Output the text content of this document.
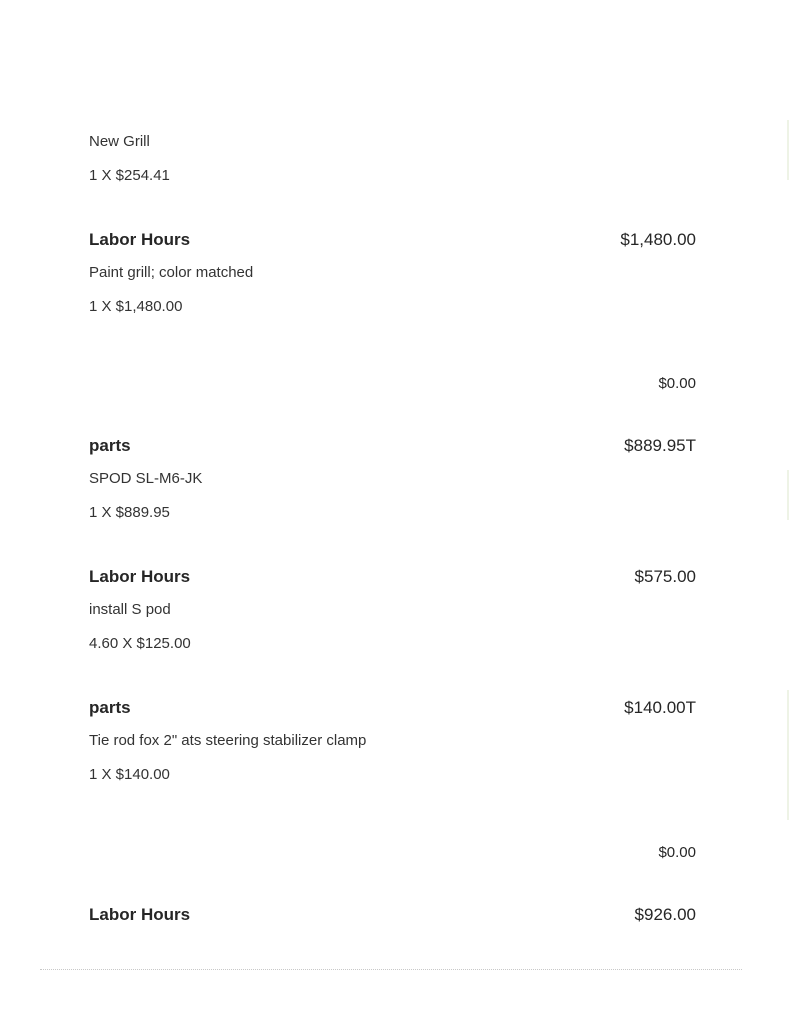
New Grill
1 X $254.41
Labor Hours	$1,480.00
Paint grill; color matched
1 X $1,480.00
$0.00
parts	$889.95T
SPOD SL-M6-JK
1 X $889.95
Labor Hours	$575.00
install S pod
4.60 X $125.00
parts	$140.00T
Tie rod fox 2" ats steering stabilizer clamp
1 X $140.00
$0.00
Labor Hours	$926.00
